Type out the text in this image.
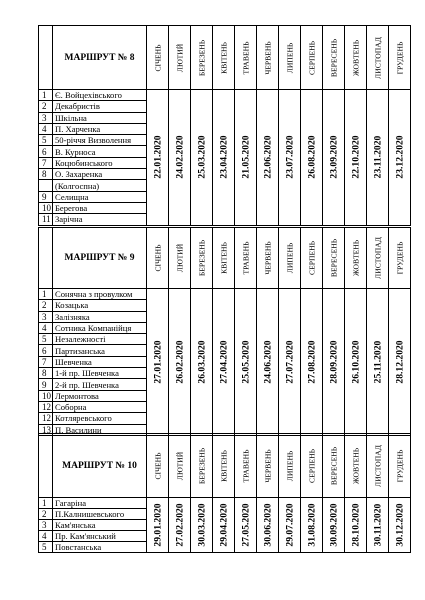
	МАРШРУТ № 8	СІЧЕНЬ	ЛЮТИЙ	БЕРЕЗЕНЬ	КВІТЕНЬ	ТРАВЕНЬ	ЧЕРВЕНЬ	ЛИПЕНЬ	СЕРПЕНЬ	ВЕРЕСЕНЬ	ЖОВТЕНЬ	ЛИСТОПАД	ГРУДЕНЬ

1	Є. Войцехівського	22.01.2020	24.02.2020	25.03.2020	23.04.2020	21.05.2020	22.06.2020	23.07.2020	26.08.2020	23.09.2020	22.10.2020	23.11.2020	23.12.2020

2	Декабристів												
3	Шкільна												
4	П. Харченка												
5	50-річчя Визволення												
6	В. Курноса												
7	Коцюбинського												
8	О. Захаренка												
	(Колгоспна)												
9	Селищна												
10	Берегова												
11	Зарічна												
	МАРШРУТ № 9	СІЧЕНЬ	ЛЮТИЙ	БЕРЕЗЕНЬ	КВІТЕНЬ	ТРАВЕНЬ	ЧЕРВЕНЬ	ЛИПЕНЬ	СЕРПЕНЬ	ВЕРЕСЕНЬ	ЖОВТЕНЬ	ЛИСТОПАД	ГРУДЕНЬ

1	Сонячна з провулком	27.01.2020	26.02.2020	26.03.2020	27.04.2020	25.05.2020	24.06.2020	27.07.2020	27.08.2020	28.09.2020	26.10.2020	25.11.2020	28.12.2020

2	Козацька												
3	Залізняка												
4	Сотника Компанійця												
5	Незалежності												
6	Партизанська												
7	Шевченка												
8	1-й пр. Шевченка												
9	2-й пр. Шевченка												
10	Лермонтова												
12	Соборна												
12	Котляревського												
13	П. Василини												
	МАРШРУТ № 10	СІЧЕНЬ	ЛЮТИЙ	БЕРЕЗЕНЬ	КВІТЕНЬ	ТРАВЕНЬ	ЧЕРВЕНЬ	ЛИПЕНЬ	СЕРПЕНЬ	ВЕРЕСЕНЬ	ЖОВТЕНЬ	ЛИСТОПАД	ГРУДЕНЬ

1	Гагаріна	29.01.2020	27.02.2020	30.03.2020	29.04.2020	27.05.2020	30.06.2020	29.07.2020	31.08.2020	30.09.2020	28.10.2020	30.11.2020	30.12.2020

2	П.Калнишевського												
3	Кам'янська												
4	Пр. Кам'янський												
5	Повстанська												
